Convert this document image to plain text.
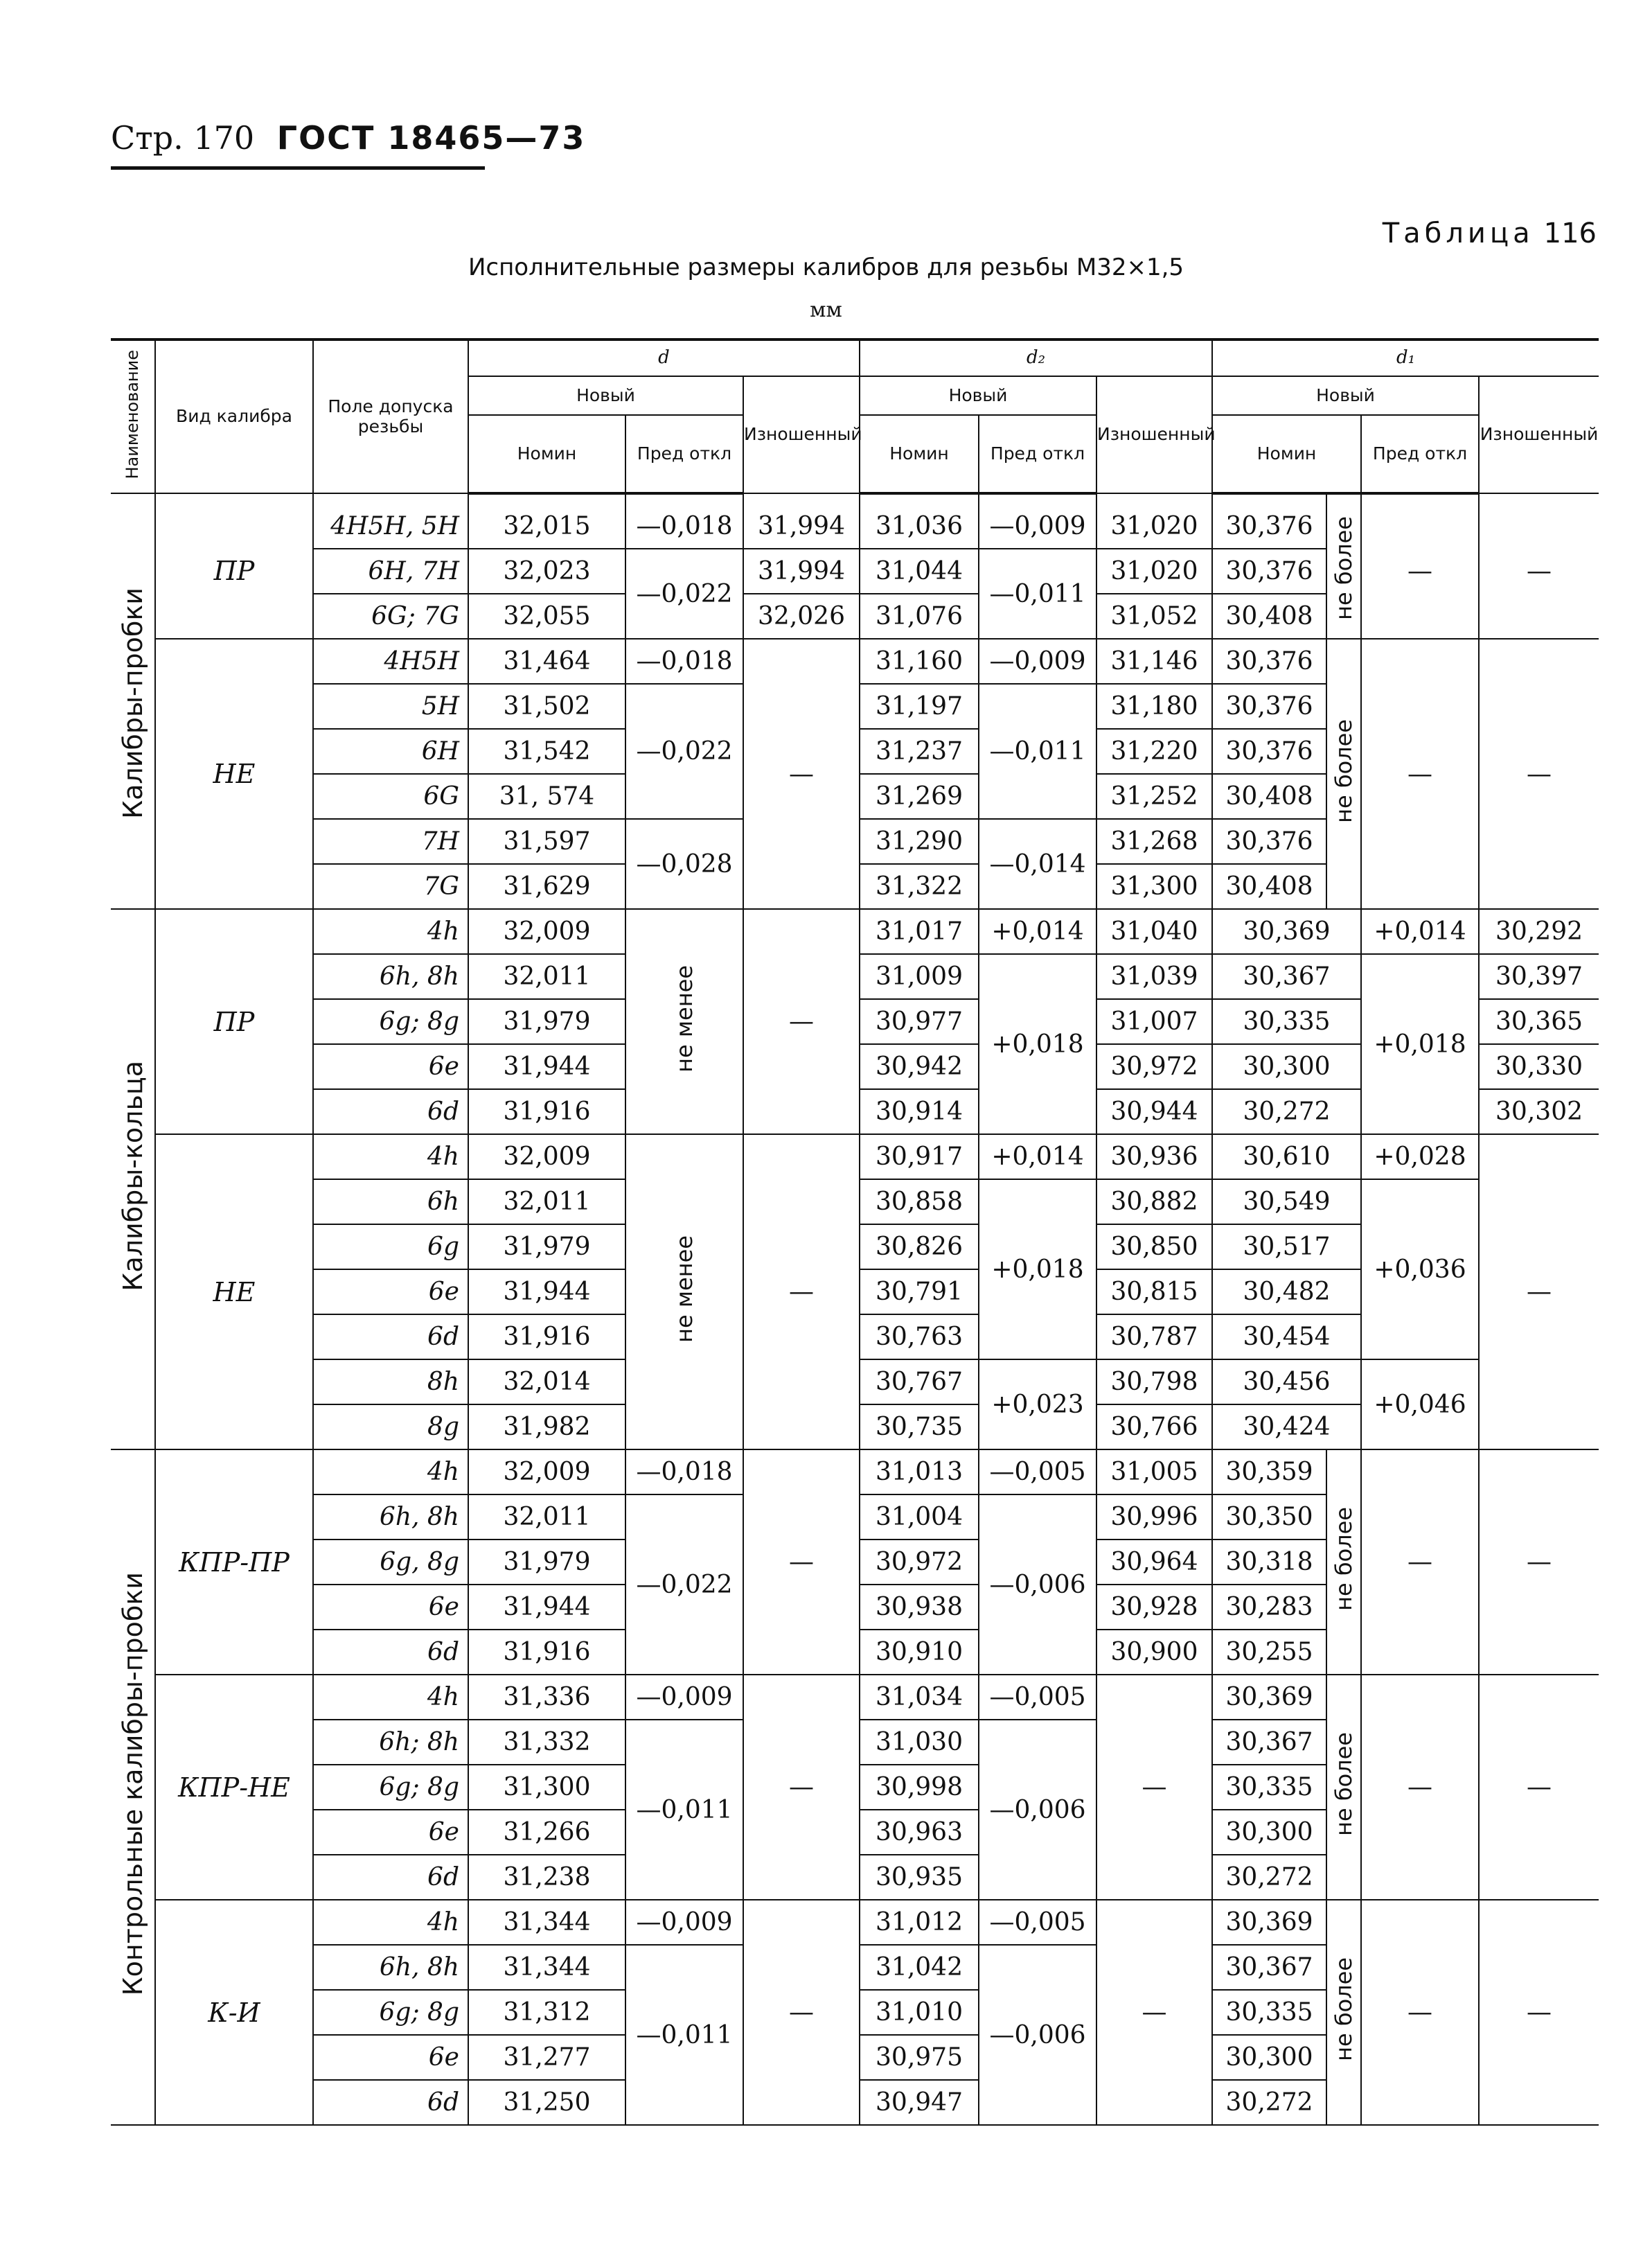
Стр. 170 ГОСТ 18465—73
Таблица 116
Исполнительные размеры калибров для резьбы М32×1,5
мм
Наименование	Вид калибра	Поле допуска резьбы	d			d₂			d₁			
			Новый		Изношенный	Новый		Изношенный	Новый			Изношенный
			Номин	Пред откл		Номин	Пред откл		Номин		Пред откл	
Калибры-пробки	ПР	4H5H, 5H	32,015	—0,018	31,994	31,036	—0,009	31,020	30,376	не более	—	—
		6H, 7H	32,023	—0,022	31,994	31,044	—0,011	31,020	30,376			
		6G; 7G	32,055		32,026	31,076		31,052	30,408			
	НЕ	4H5H	31,464	—0,018	—	31,160	—0,009	31,146	30,376	не более	—	—
		5H	31,502	—0,022		31,197	—0,011	31,180	30,376			
		6H	31,542			31,237		31,220	30,376			
		6G	31, 574			31,269		31,252	30,408			
		7H	31,597	—0,028		31,290	—0,014	31,268	30,376			
		7G	31,629			31,322		31,300	30,408			
Калибры-кольца	ПР	4h	32,009	не менее	—	31,017	+0,014	31,040	30,369		+0,014	30,292
		6h, 8h	32,011			31,009	+0,018	31,039	30,367		+0,018	30,397
		6g; 8g	31,979			30,977		31,007	30,335			30,365
		6e	31,944			30,942		30,972	30,300			30,330
		6d	31,916			30,914		30,944	30,272			30,302
	НЕ	4h	32,009	не менее	—	30,917	+0,014	30,936	30,610		+0,028	—
		6h	32,011			30,858	+0,018	30,882	30,549		+0,036	
		6g	31,979			30,826		30,850	30,517			
		6e	31,944			30,791		30,815	30,482			
		6d	31,916			30,763		30,787	30,454			
		8h	32,014			30,767	+0,023	30,798	30,456		+0,046	
		8g	31,982			30,735		30,766	30,424			
Контрольные калибры-пробки	КПР-ПР	4h	32,009	—0,018	—	31,013	—0,005	31,005	30,359	не более	—	—
		6h, 8h	32,011	—0,022		31,004	—0,006	30,996	30,350			
		6g, 8g	31,979			30,972		30,964	30,318			
		6e	31,944			30,938		30,928	30,283			
		6d	31,916			30,910		30,900	30,255			
	КПР-НЕ	4h	31,336	—0,009	—	31,034	—0,005	—	30,369	не более	—	—
		6h; 8h	31,332	—0,011		31,030	—0,006		30,367			
		6g; 8g	31,300			30,998			30,335			
		6e	31,266			30,963			30,300			
		6d	31,238			30,935			30,272			
	К-И	4h	31,344	—0,009	—	31,012	—0,005	—	30,369	не более	—	—
		6h, 8h	31,344	—0,011		31,042	—0,006		30,367			
		6g; 8g	31,312			31,010			30,335			
		6e	31,277			30,975			30,300			
		6d	31,250			30,947			30,272			
